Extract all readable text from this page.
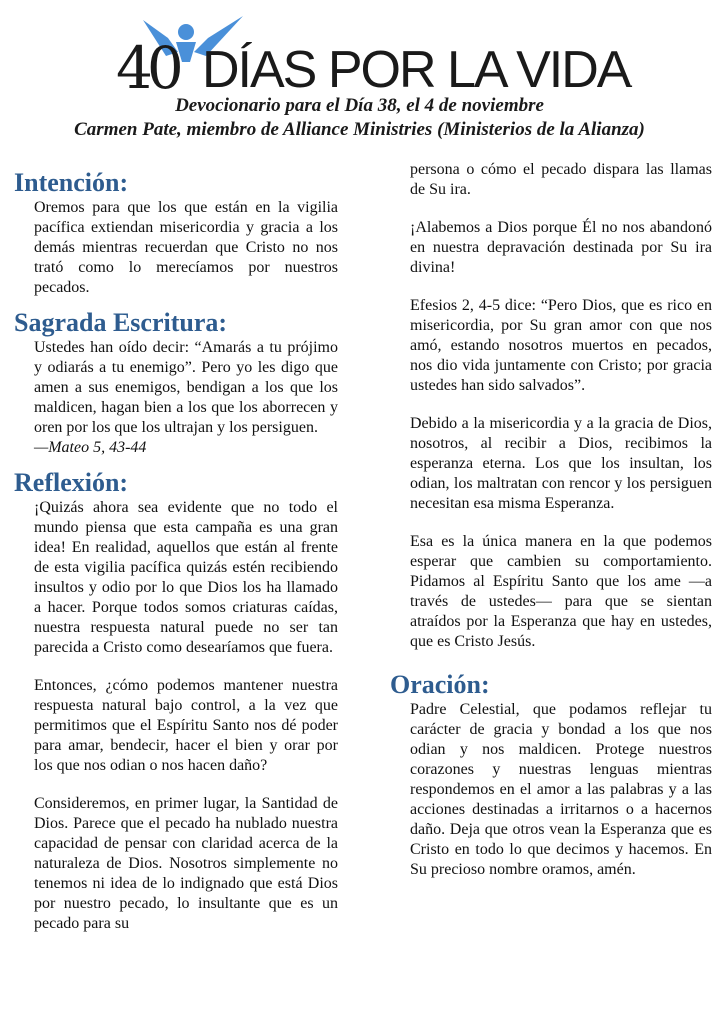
40 DÍAS POR LA VIDA.
Devocionario para el Día 38, el 4 de noviembre
Carmen Pate, miembro de Alliance Ministries (Ministerios de la Alianza)
Intención:

Oremos para que los que están en la vigilia pacífica extiendan misericordia y gracia a los demás mientras recuerdan que Cristo no nos trató como lo merecíamos por nuestros pecados.

Sagrada Escritura:

Ustedes han oído decir: “Amarás a tu prójimo y odiarás a tu enemigo”. Pero yo les digo que amen a sus enemigos, bendigan a los que los maldicen, hagan bien a los que los aborrecen y oren por los que los ultrajan y los persiguen.

—Mateo 5, 43-44
Reflexión:

¡Quizás ahora sea evidente que no todo el mundo piensa que esta campaña es una gran idea! En realidad, aquellos que están al frente de esta vigilia pacífica quizás estén recibiendo insultos y odio por lo que Dios los ha llamado a hacer. Porque todos somos criaturas caídas, nuestra respuesta natural puede no ser tan parecida a Cristo como desearíamos que fuera.

Entonces, ¿cómo podemos mantener nuestra respuesta natural bajo control, a la vez que permitimos que el Espíritu Santo nos dé poder para amar, bendecir, hacer el bien y orar por los que nos odian o nos hacen daño?

Consideremos, en primer lugar, la Santidad de Dios. Parece que el pecado ha nublado nuestra capacidad de pensar con claridad acerca de la naturaleza de Dios. Nosotros simplemente no tenemos ni idea de lo indignado que está Dios por nuestro pecado, lo insultante que es un pecado para su

persona o cómo el pecado dispara las llamas de Su ira.

¡Alabemos a Dios porque Él no nos abandonó en nuestra depravación destinada por Su ira divina!

Efesios 2, 4-5 dice: “Pero Dios, que es rico en misericordia, por Su gran amor con que nos amó, estando nosotros muertos en pecados, nos dio vida juntamente con Cristo; por gracia ustedes han sido salvados”.

Debido a la misericordia y a la gracia de Dios, nosotros, al recibir a Dios, recibimos la esperanza eterna. Los que los insultan, los odian, los maltratan con rencor y los persiguen necesitan esa misma Esperanza.

Esa es la única manera en la que podemos esperar que cambien su comportamiento. Pidamos al Espíritu Santo que los ame —a través de ustedes— para que se sientan atraídos por la Esperanza que hay en ustedes, que es Cristo Jesús.

Oración:

Padre Celestial, que podamos reflejar tu carácter de gracia y bondad a los que nos odian y nos maldicen. Protege nuestros corazones y nuestras lenguas mientras respondemos en el amor a las palabras y a las acciones destinadas a irritarnos o a hacernos daño. Deja que otros vean la Esperanza que es Cristo en todo lo que decimos y hacemos. En Su precioso nombre oramos, amén.
